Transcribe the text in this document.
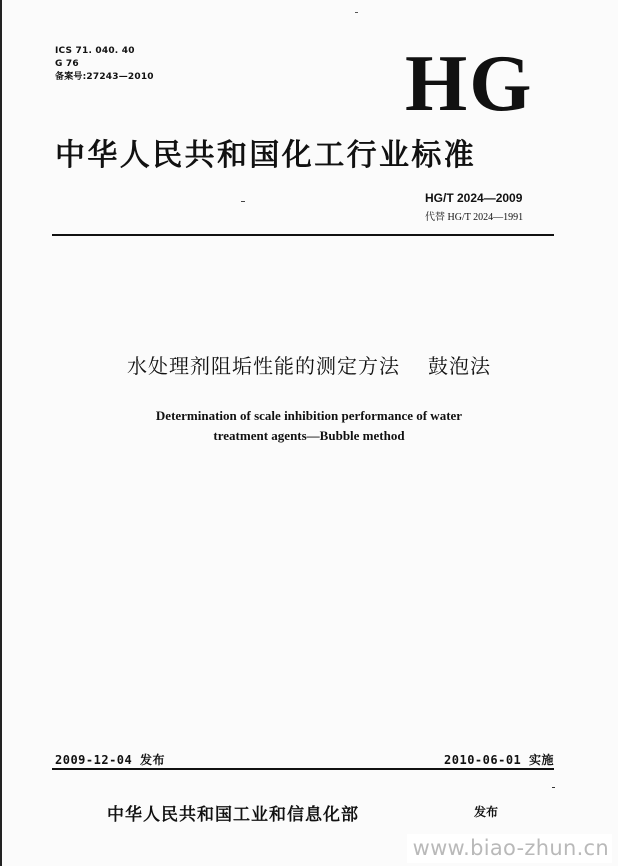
ICS 71. 040. 40
G 76
备案号:27243—2010	HG
中华人民共和国化工行业标准
HG/T 2024—2009
代替 HG/T 2024—1991
水处理剂阻垢性能的测定方法 鼓泡法
Determination of scale inhibition performance of water
treatment agents—Bubble method
2009-12-04 发布	2010-06-01 实施
中华人民共和国工业和信息化部	发布
www.biao-zhun.cn
